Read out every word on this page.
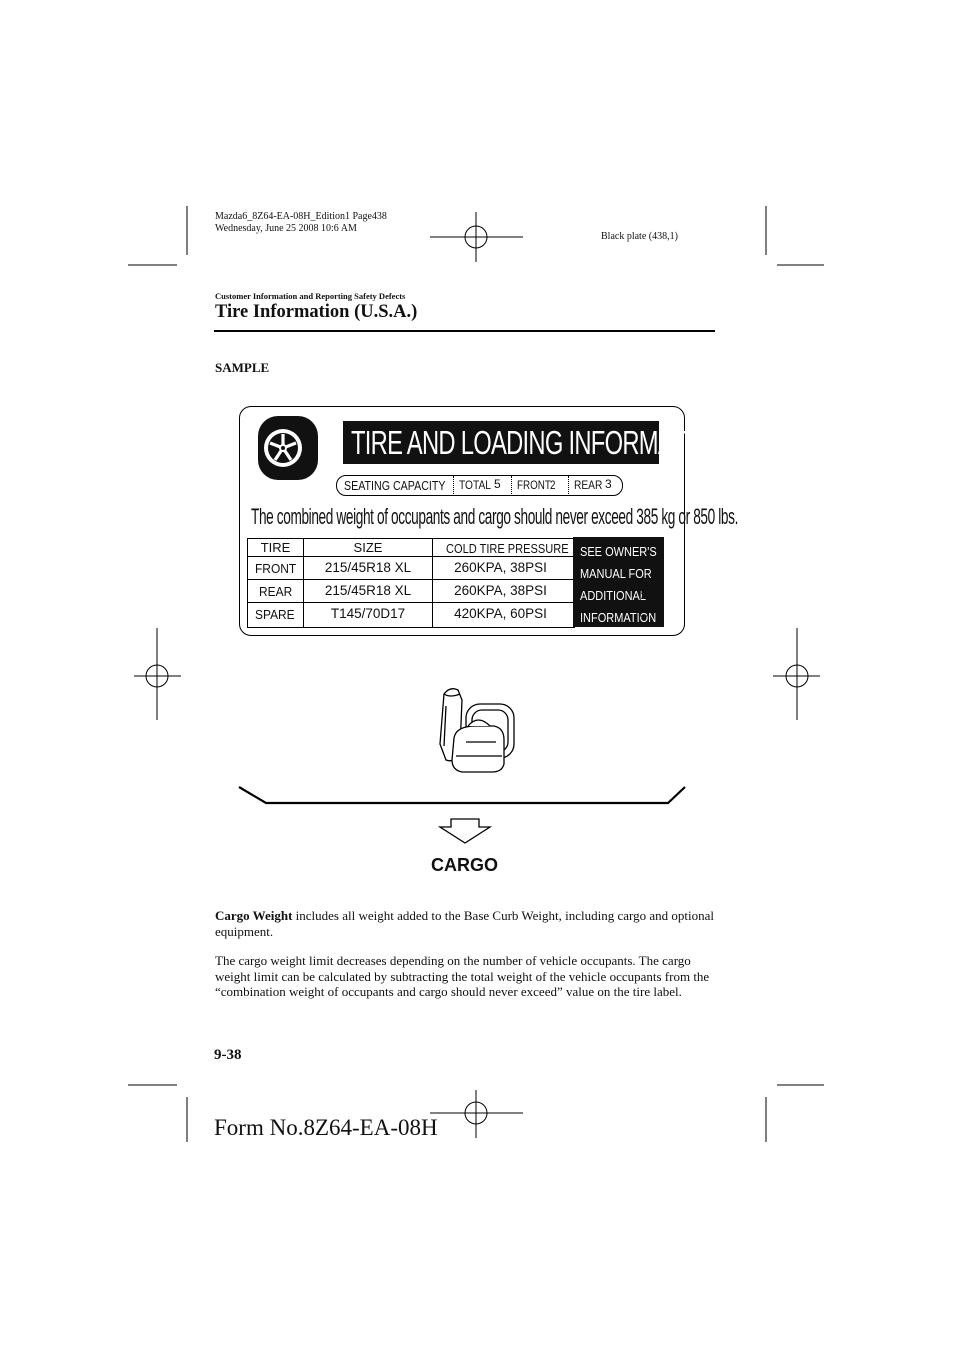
Mazda6_8Z64-EA-08H_Edition1 Page438
Wednesday, June 25 2008 10:6 AM
Black plate (438,1)
Customer Information and Reporting Safety Defects
Tire Information (U.S.A.)
SAMPLE
TIRE AND LOADING INFORMATION
SEATING CAPACITY TOTAL 5 FRONT 2 REAR 3
The combined weight of occupants and cargo should never exceed 385 kg or 850 lbs.
TIRE	SIZE	COLD TIRE PRESSURE
FRONT	215/45R18 XL	260KPA, 38PSI
REAR	215/45R18 XL	260KPA, 38PSI
SPARE	T145/70D17	420KPA, 60PSI
SEE OWNER'S
MANUAL FOR
ADDITIONAL
INFORMATION
(XXXX)
CARGO
Cargo Weight includes all weight added to the Base Curb Weight, including cargo and optional equipment.
The cargo weight limit decreases depending on the number of vehicle occupants. The cargo weight limit can be calculated by subtracting the total weight of the vehicle occupants from the “combination weight of occupants and cargo should never exceed” value on the tire label.
9-38
Form No.8Z64-EA-08H
